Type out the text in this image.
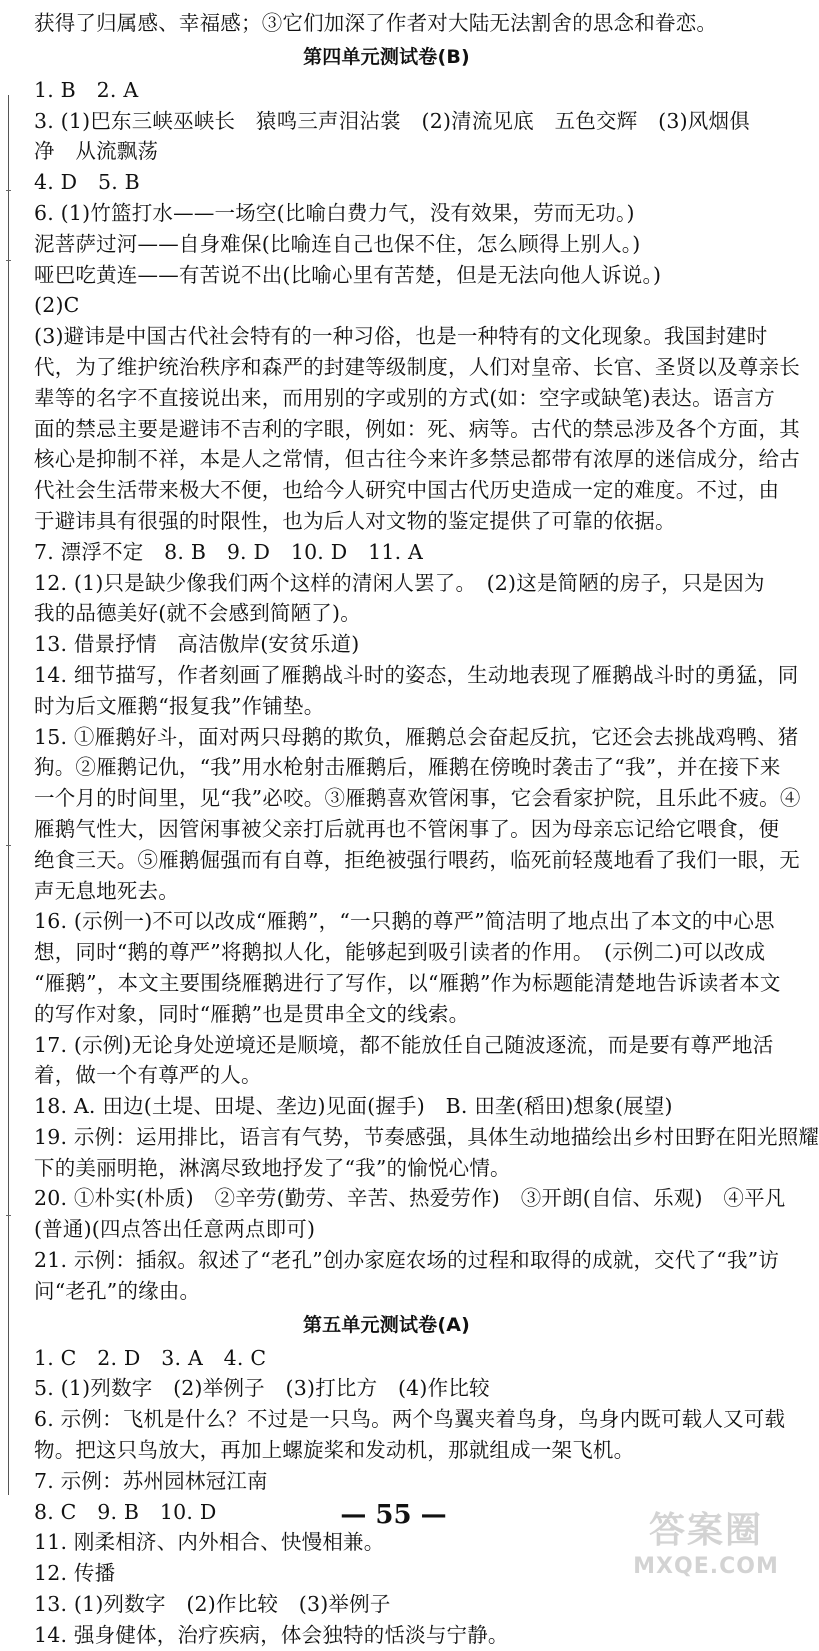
获得了归属感、幸福感；③它们加深了作者对大陆无法割舍的思念和眷恋。
第四单元测试卷(B)
1. B　2. A
3. (1)巴东三峡巫峡长　猿鸣三声泪沾裳　(2)清流见底　五色交辉　(3)风烟俱
净　从流飘荡
4. D　5. B
6. (1)竹篮打水——一场空(比喻白费力气，没有效果，劳而无功。)
泥菩萨过河——自身难保(比喻连自己也保不住，怎么顾得上别人。)
哑巴吃黄连——有苦说不出(比喻心里有苦楚，但是无法向他人诉说。)
(2)C
(3)避讳是中国古代社会特有的一种习俗，也是一种特有的文化现象。我国封建时
代，为了维护统治秩序和森严的封建等级制度，人们对皇帝、长官、圣贤以及尊亲长
辈等的名字不直接说出来，而用别的字或别的方式(如：空字或缺笔)表达。语言方
面的禁忌主要是避讳不吉利的字眼，例如：死、病等。古代的禁忌涉及各个方面，其
核心是抑制不祥，本是人之常情，但古往今来许多禁忌都带有浓厚的迷信成分，给古
代社会生活带来极大不便，也给今人研究中国古代历史造成一定的难度。不过，由
于避讳具有很强的时限性，也为后人对文物的鉴定提供了可靠的依据。
7. 漂浮不定　8. B　9. D　10. D　11. A
12. (1)只是缺少像我们两个这样的清闲人罢了。　(2)这是简陋的房子，只是因为
我的品德美好(就不会感到简陋了)。
13. 借景抒情　高洁傲岸(安贫乐道)
14. 细节描写，作者刻画了雁鹅战斗时的姿态，生动地表现了雁鹅战斗时的勇猛，同
时为后文雁鹅“报复我”作铺垫。
15. ①雁鹅好斗，面对两只母鹅的欺负，雁鹅总会奋起反抗，它还会去挑战鸡鸭、猪
狗。②雁鹅记仇，“我”用水枪射击雁鹅后，雁鹅在傍晚时袭击了“我”，并在接下来
一个月的时间里，见“我”必咬。③雁鹅喜欢管闲事，它会看家护院，且乐此不疲。④
雁鹅气性大，因管闲事被父亲打后就再也不管闲事了。因为母亲忘记给它喂食，便
绝食三天。⑤雁鹅倔强而有自尊，拒绝被强行喂药，临死前轻蔑地看了我们一眼，无
声无息地死去。
16. (示例一)不可以改成“雁鹅”，“一只鹅的尊严”简洁明了地点出了本文的中心思
想，同时“鹅的尊严”将鹅拟人化，能够起到吸引读者的作用。　(示例二)可以改成
“雁鹅”，本文主要围绕雁鹅进行了写作，以“雁鹅”作为标题能清楚地告诉读者本文
的写作对象，同时“雁鹅”也是贯串全文的线索。
17. (示例)无论身处逆境还是顺境，都不能放任自己随波逐流，而是要有尊严地活
着，做一个有尊严的人。
18. A. 田边(土堤、田堤、垄边)见面(握手)　B. 田垄(稻田)想象(展望)
19. 示例：运用排比，语言有气势，节奏感强，具体生动地描绘出乡村田野在阳光照耀
下的美丽明艳，淋漓尽致地抒发了“我”的愉悦心情。
20. ①朴实(朴质)　②辛劳(勤劳、辛苦、热爱劳作)　③开朗(自信、乐观)　④平凡
(普通)(四点答出任意两点即可)
21. 示例：插叙。叙述了“老孔”创办家庭农场的过程和取得的成就，交代了“我”访
问“老孔”的缘由。
第五单元测试卷(A)
1. C　2. D　3. A　4. C
5. (1)列数字　(2)举例子　(3)打比方　(4)作比较
6. 示例：飞机是什么？不过是一只鸟。两个鸟翼夹着鸟身，鸟身内既可载人又可载
物。把这只鸟放大，再加上螺旋桨和发动机，那就组成一架飞机。
7. 示例：苏州园林冠江南
8. C　9. B　10. D
11. 刚柔相济、内外相合、快慢相兼。
12. 传播
13. (1)列数字　(2)作比较　(3)举例子
14. 强身健体，治疗疾病，体会独特的恬淡与宁静。
— 55 —	答案圈
MXQE.COM
